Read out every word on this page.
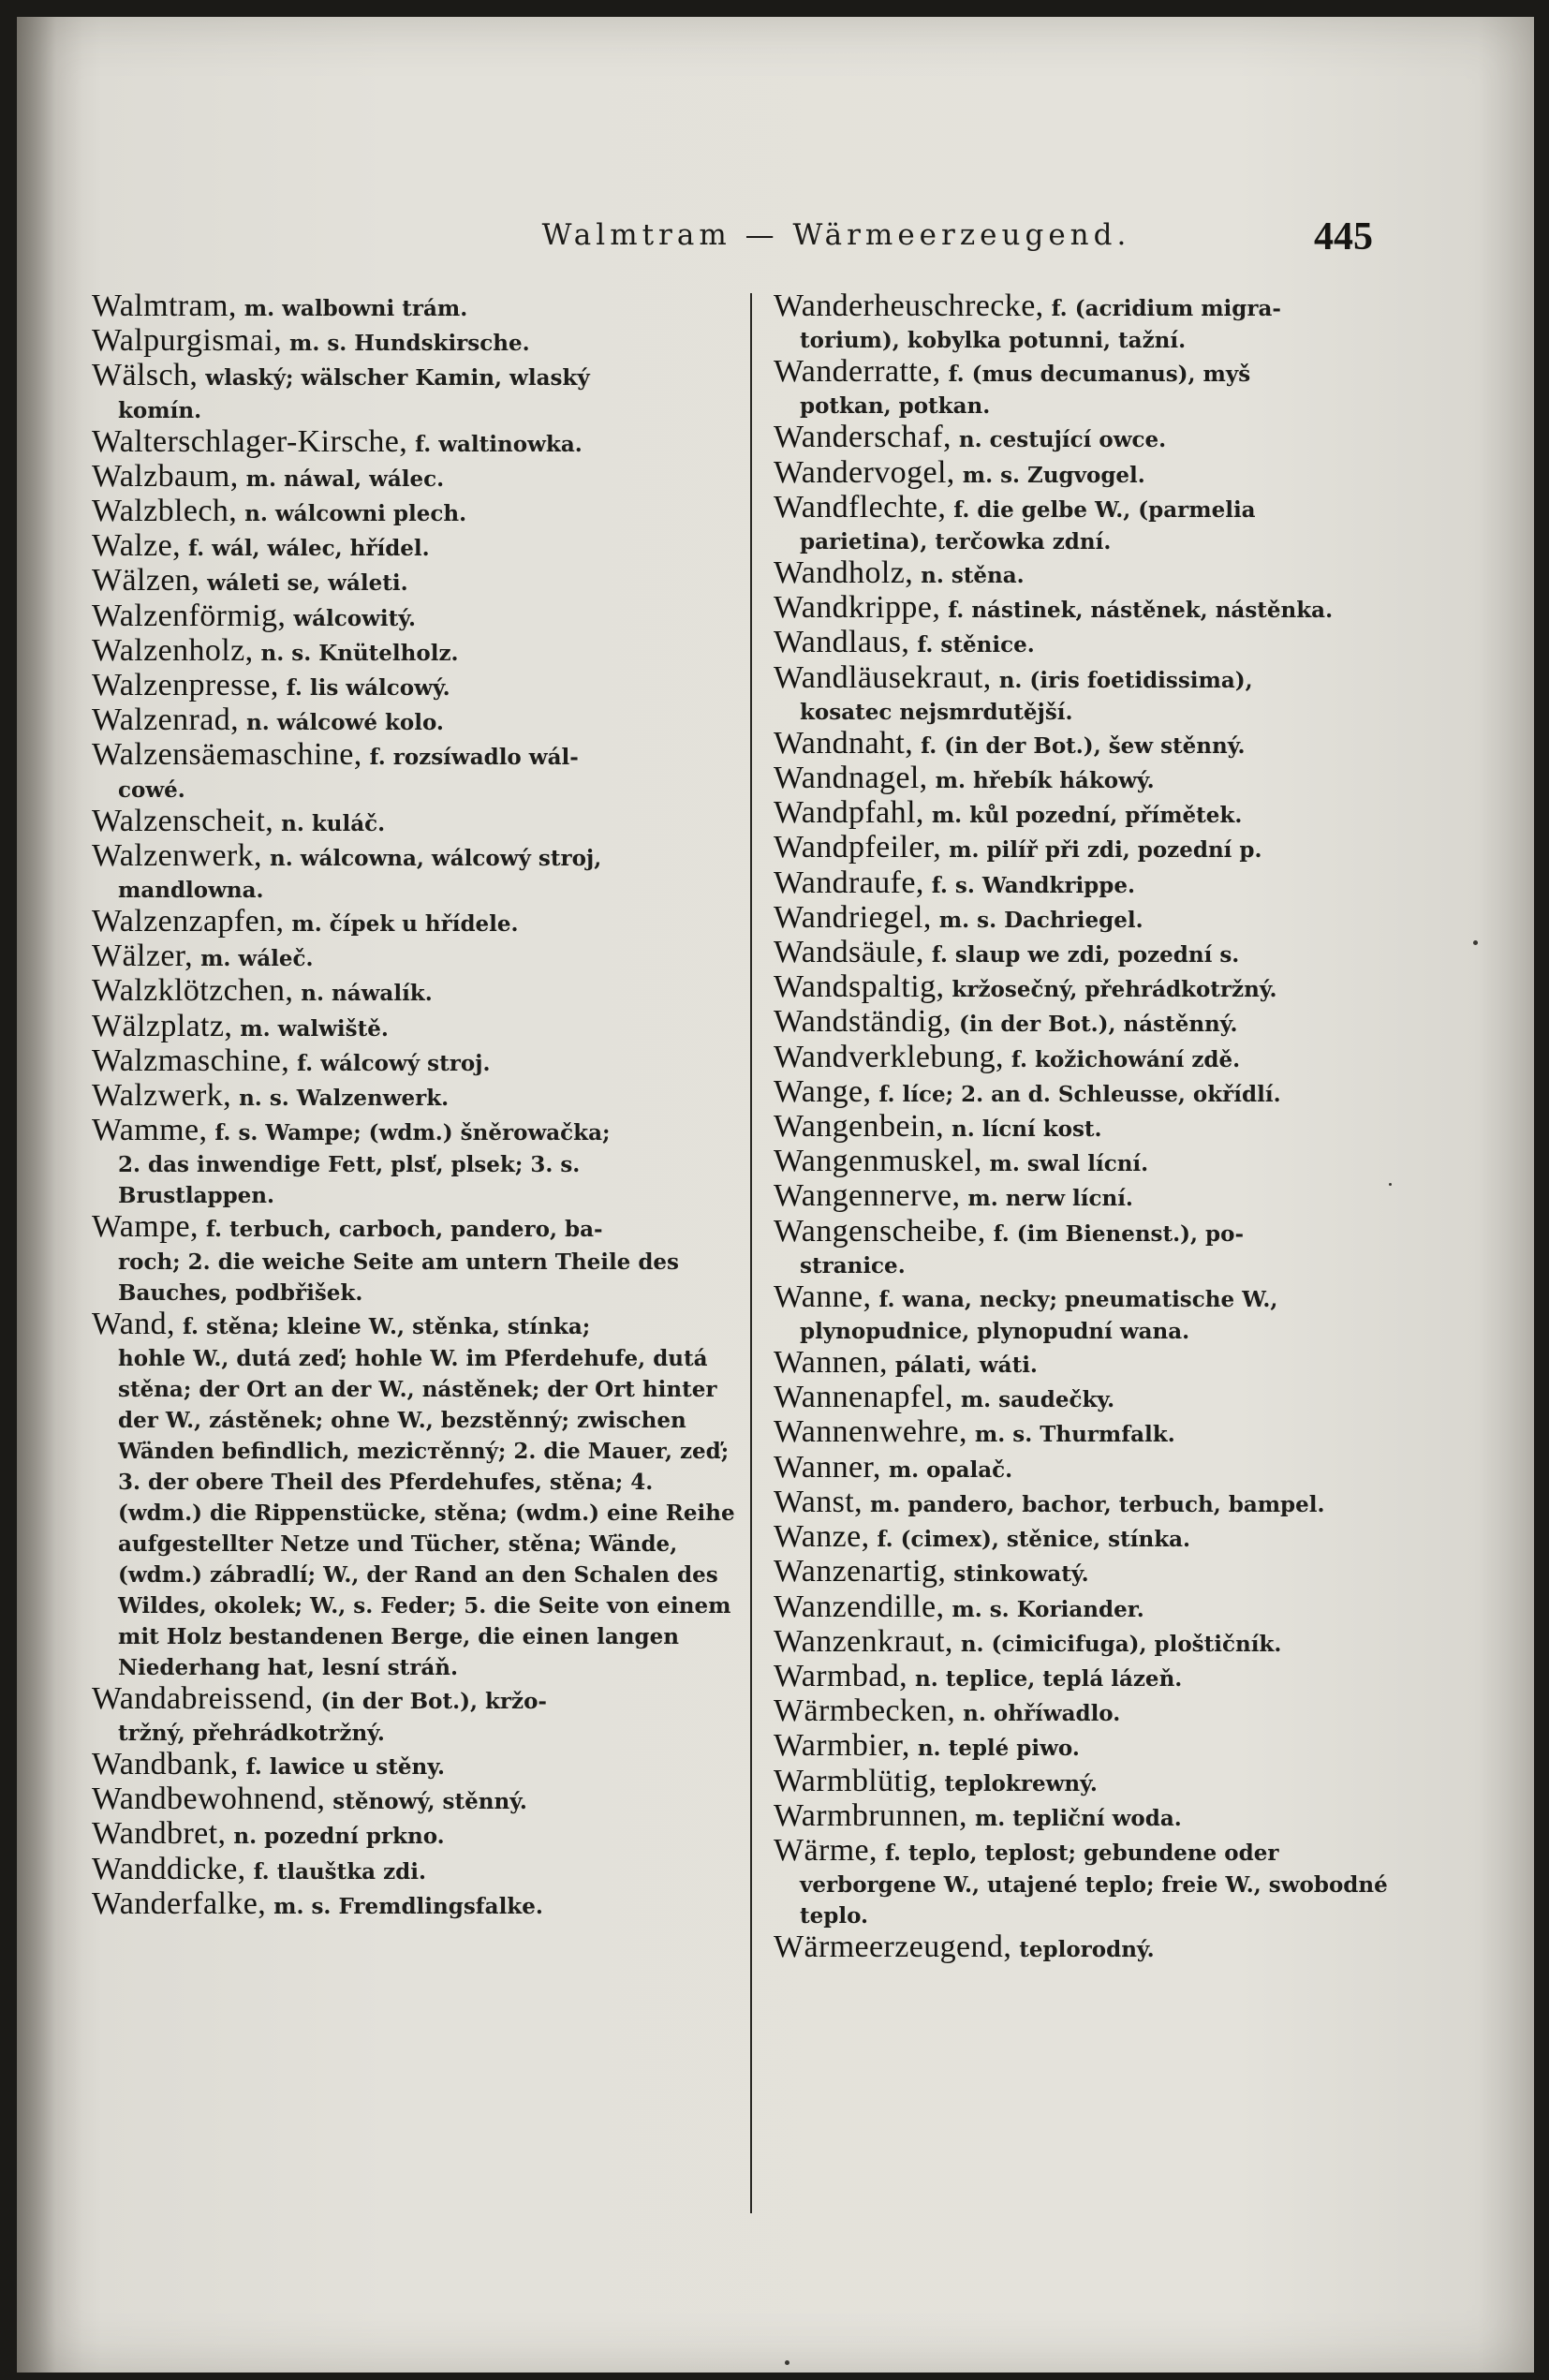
Walmtram — Wärmeerzeugend.	445
Walmtram, m. walbowni trám.
Walpurgismai, m. s. Hundskirsche.
Wälsch, wlaský; wälscher Kamin, wlaský
komín.
Walterschlager-Kirsche, f. waltinowka.
Walzbaum, m. náwal, wálec.
Walzblech, n. wálcowni plech.
Walze, f. wál, wálec, hřídel.
Wälzen, wáleti se, wáleti.
Walzenförmig, wálcowitý.
Walzenholz, n. s. Knütelholz.
Walzenpresse, f. lis wálcowý.
Walzenrad, n. wálcowé kolo.
Walzensäemaschine, f. rozsíwadlo wál-
cowé.
Walzenscheit, n. kuláč.
Walzenwerk, n. wálcowna, wálcowý stroj,
mandlowna.
Walzenzapfen, m. čípek u hřídele.
Wälzer, m. wáleč.
Walzklötzchen, n. náwalík.
Wälzplatz, m. walwiště.
Walzmaschine, f. wálcowý stroj.
Walzwerk, n. s. Walzenwerk.
Wamme, f. s. Wampe; (wdm.) šněrowačka;
2. das inwendige Fett, plsť, plsek; 3. s. Brustlappen.
Wampe, f. terbuch, carboch, pandero, ba-
roch; 2. die weiche Seite am untern Theile des Bauches, podbřišek.
Wand, f. stěna; kleine W., stěnka, stínka;
hohle W., dutá zeď; hohle W. im Pferdehufe, dutá stěna; der Ort an der W., nástěnek; der Ort hinter der W., zástěnek; ohne W., bezstěnný; zwischen Wänden befindlich, meziстěnný; 2. die Mauer, zeď; 3. der obere Theil des Pferdehufes, stěna; 4. (wdm.) die Rippenstücke, stěna; (wdm.) eine Reihe aufgestellter Netze und Tücher, stěna; Wände, (wdm.) zábradlí; W., der Rand an den Schalen des Wildes, okolek; W., s. Feder; 5. die Seite von einem mit Holz bestandenen Berge, die einen langen Niederhang hat, lesní stráň.
Wandabreissend, (in der Bot.), kržo-
tržný, přehrádkotržný.
Wandbank, f. lawice u stěny.
Wandbewohnend, stěnowý, stěnný.
Wandbret, n. pozední prkno.
Wanddicke, f. tlauštka zdi.
Wanderfalke, m. s. Fremdlingsfalke.
Wanderheuschrecke, f. (acridium migra-
torium), kobylka potunni, tažní.
Wanderratte, f. (mus decumanus), myš
potkan, potkan.
Wanderschaf, n. cestující owce.
Wandervogel, m. s. Zugvogel.
Wandflechte, f. die gelbe W., (parmelia
parietina), terčowka zdní.
Wandholz, n. stěna.
Wandkrippe, f. nástinek, nástěnek, nástěnka.
Wandlaus, f. stěnice.
Wandläusekraut, n. (iris foetidissima),
kosatec nejsmrdutější.
Wandnaht, f. (in der Bot.), šew stěnný.
Wandnagel, m. hřebík hákowý.
Wandpfahl, m. kůl pozední, přímětek.
Wandpfeiler, m. pilíř při zdi, pozední p.
Wandraufe, f. s. Wandkrippe.
Wandriegel, m. s. Dachriegel.
Wandsäule, f. slaup we zdi, pozední s.
Wandspaltig, kržosečný, přehrádkotržný.
Wandständig, (in der Bot.), nástěnný.
Wandverklebung, f. kožichowání zdě.
Wange, f. líce; 2. an d. Schleusse, okřídlí.
Wangenbein, n. lícní kost.
Wangenmuskel, m. swal lícní.
Wangennerve, m. nerw lícní.
Wangenscheibe, f. (im Bienenst.), po-
stranice.
Wanne, f. wana, necky; pneumatische W.,
plynopudnice, plynopudní wana.
Wannen, pálati, wáti.
Wannenapfel, m. saudečky.
Wannenwehre, m. s. Thurmfalk.
Wanner, m. opalač.
Wanst, m. pandero, bachor, terbuch, bampel.
Wanze, f. (cimex), stěnice, stínka.
Wanzenartig, stinkowatý.
Wanzendille, m. s. Koriander.
Wanzenkraut, n. (cimicifuga), ploštičník.
Warmbad, n. teplice, teplá lázeň.
Wärmbecken, n. ohříwadlo.
Warmbier, n. teplé piwo.
Warmblütig, teplokrewný.
Warmbrunnen, m. tepliční woda.
Wärme, f. teplo, teplost; gebundene oder
verborgene W., utajené teplo; freie W., swobodné teplo.
Wärmeerzeugend, teplorodný.
